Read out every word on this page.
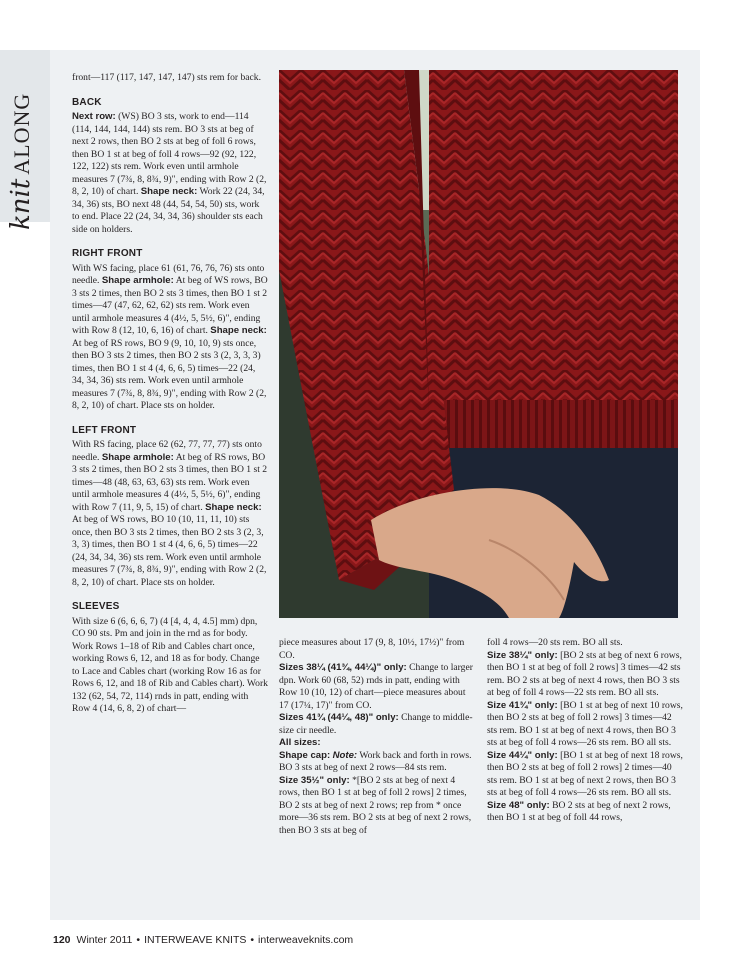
knitALONG

front—117 (117, 147, 147, 147) sts rem for back.

BACK

Next row: (WS) BO 3 sts, work to end—114 (114, 144, 144, 144) sts rem. BO 3 sts at beg of next 2 rows, then BO 2 sts at beg of foll 6 rows, then BO 1 st at beg of foll 4 rows—92 (92, 122, 122, 122) sts rem. Work even until armhole measures 7 (7¾, 8, 8¾, 9)", ending with Row 2 (2, 8, 2, 10) of chart. Shape neck: Work 22 (24, 34, 34, 36) sts, BO next 48 (44, 54, 54, 50) sts, work to end. Place 22 (24, 34, 34, 36) shoulder sts each side on holders.

RIGHT FRONT

With WS facing, place 61 (61, 76, 76, 76) sts onto needle. Shape armhole: At beg of WS rows, BO 3 sts 2 times, then BO 2 sts 3 times, then BO 1 st 2 times—47 (47, 62, 62, 62) sts rem. Work even until armhole measures 4 (4½, 5, 5½, 6)", ending with Row 8 (12, 10, 6, 16) of chart. Shape neck: At beg of RS rows, BO 9 (9, 10, 10, 9) sts once, then BO 3 sts 2 times, then BO 2 sts 3 (2, 3, 3, 3) times, then BO 1 st 4 (4, 6, 6, 5) times—22 (24, 34, 34, 36) sts rem. Work even until armhole measures 7 (7¾, 8, 8¾, 9)", ending with Row 2 (2, 8, 2, 10) of chart. Place sts on holder.

LEFT FRONT

With RS facing, place 62 (62, 77, 77, 77) sts onto needle. Shape armhole: At beg of RS rows, BO 3 sts 2 times, then BO 2 sts 3 times, then BO 1 st 2 times—48 (48, 63, 63, 63) sts rem. Work even until armhole measures 4 (4½, 5, 5½, 6)", ending with Row 7 (11, 9, 5, 15) of chart. Shape neck: At beg of WS rows, BO 10 (10, 11, 11, 10) sts once, then BO 3 sts 2 times, then BO 2 sts 3 (2, 3, 3, 3) times, then BO 1 st 4 (4, 6, 6, 5) times—22 (24, 34, 34, 36) sts rem. Work even until armhole measures 7 (7¾, 8, 8¾, 9)", ending with Row 2 (2, 8, 2, 10) of chart. Place sts on holder.

SLEEVES

With size 6 (6, 6, 6, 7) (4 [4, 4, 4, 4.5] mm) dpn, CO 90 sts. Pm and join in the rnd as for body. Work Rows 1–18 of Rib and Cables chart once, working Rows 6, 12, and 18 as for body. Change to Lace and Cables chart (working Row 16 as for Rows 6, 12, and 18 of Rib and Cables chart). Work 132 (62, 54, 72, 114) rnds in patt, ending with Row 4 (14, 6, 8, 2) of chart—

piece measures about 17 (9, 8, 10½, 17½)" from CO.

Sizes 38¼ (41¾, 44¼)" only: Change to larger dpn. Work 60 (68, 52) rnds in patt, ending with Row 10 (10, 12) of chart—piece measures about 17 (17¼, 17)" from CO.

Sizes 41¾ (44¼, 48)" only: Change to middle-size cir needle.

All sizes:

Shape cap: Note: Work back and forth in rows. BO 3 sts at beg of next 2 rows—84 sts rem.

Size 35½" only: *[BO 2 sts at beg of next 4 rows, then BO 1 st at beg of foll 2 rows] 2 times, BO 2 sts at beg of next 2 rows; rep from * once more—36 sts rem. BO 2 sts at beg of next 2 rows, then BO 3 sts at beg of

foll 4 rows—20 sts rem. BO all sts.

Size 38¼" only: [BO 2 sts at beg of next 6 rows, then BO 1 st at beg of foll 2 rows] 3 times—42 sts rem. BO 2 sts at beg of next 4 rows, then BO 3 sts at beg of foll 4 rows—22 sts rem. BO all sts.

Size 41¾" only: [BO 1 st at beg of next 10 rows, then BO 2 sts at beg of foll 2 rows] 3 times—42 sts rem. BO 1 st at beg of next 4 rows, then BO 3 sts at beg of foll 4 rows—26 sts rem. BO all sts.

Size 44¼" only: [BO 1 st at beg of next 18 rows, then BO 2 sts at beg of foll 2 rows] 2 times—40 sts rem. BO 1 st at beg of next 2 rows, then BO 3 sts at beg of foll 4 rows—26 sts rem. BO all sts.

Size 48" only: BO 2 sts at beg of next 2 rows, then BO 1 st at beg of foll 44 rows,

120 Winter 2011 • INTERWEAVE KNITS • interweaveknits.com
